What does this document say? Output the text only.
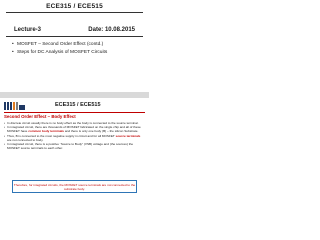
ECE315 / ECE515
Lecture-3	Date: 10.08.2015
• MOSFET – Second Order Effect (contd.)
• Steps for DC Analysis of MOSFET Circuits
ECE315 / ECE515
Second Order Effect – Body Effect
• In discrete circuit usually there is no body effect as the body is connected to the source terminal.
• In integrated circuit, there are thousands of MOSFET fabricated on the single chip and all of these MOSFET have common body terminals and there is only one body (B) – the silicon Substrate.
• Thus, B is connected to the most negative supply in circuit and for all MOSFET source terminals are not connected to body.
• In integrated circuit, there is a positive “Source to Body” (VSB) voltage and (the sources) the MOSFET source terminals to each other.
Therefore, for integrated circuits, the MOSFET source terminals are not connected to the substrate body.
